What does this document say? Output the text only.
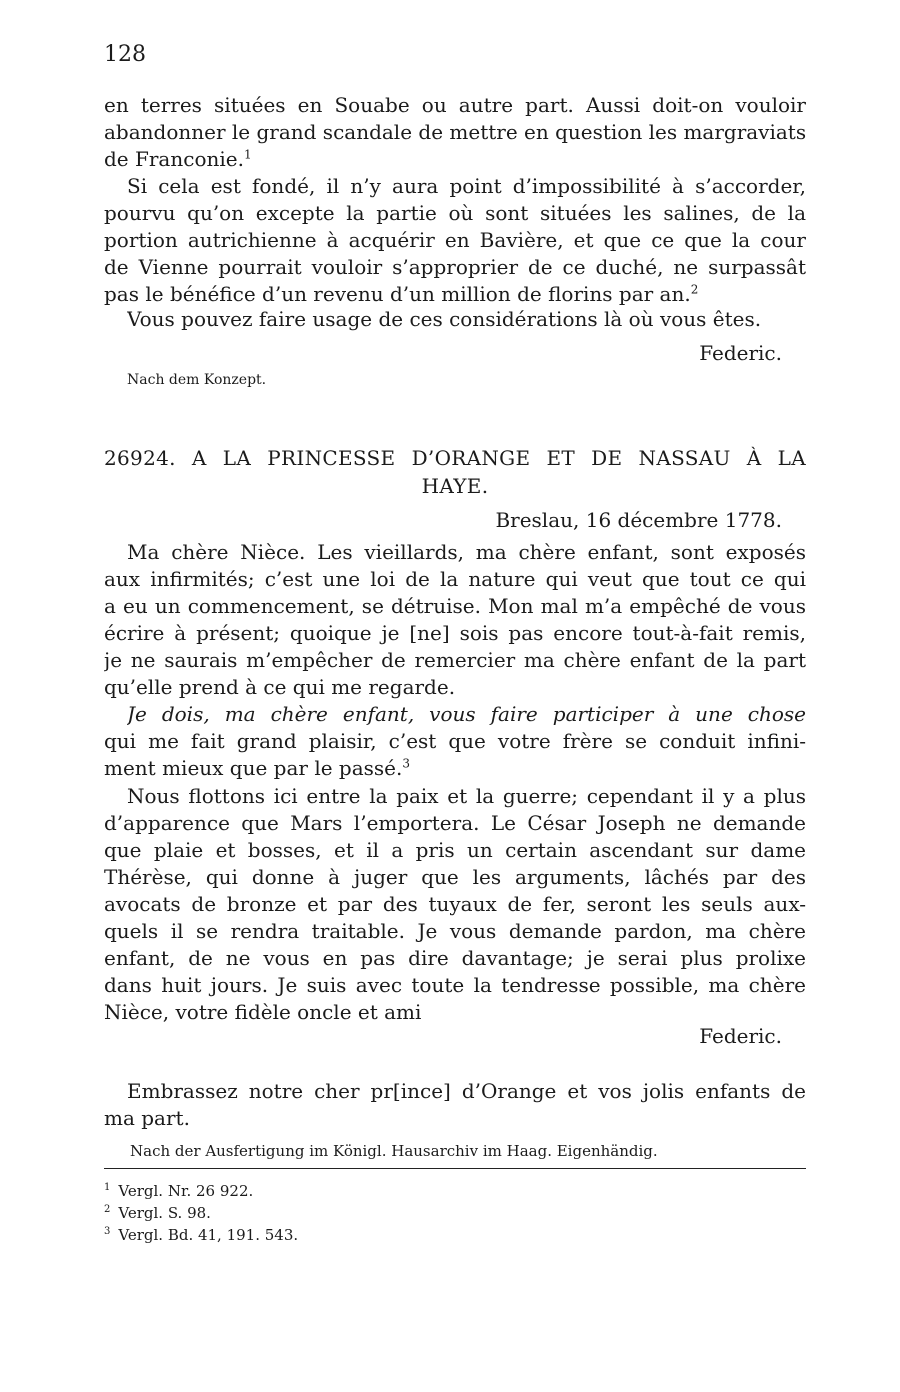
128
en terres situées en Souabe ou autre part. Aussi doit-on vouloir
abandonner le grand scandale de mettre en question les margraviats
de Franconie.$^1$
Si cela est fondé, il n’y aura point d’impossibilité à s’accorder,
pourvu qu’on excepte la partie où sont situées les salines, de la
portion autrichienne à acquérir en Bavière, et que ce que la cour
de Vienne pourrait vouloir s’approprier de ce duché, ne surpassât
pas le bénéfice d’un revenu d’un million de florins par an.$^2$
Vous pouvez faire usage de ces considérations là où vous êtes.
Federic.
Nach dem Konzept.
26924. A LA PRINCESSE D’ORANGE ET DE NASSAU À LA
HAYE.
Breslau, 16 décembre 1778.
Ma chère Nièce. Les vieillards, ma chère enfant, sont exposés
aux infirmités; c’est une loi de la nature qui veut que tout ce qui
a eu un commencement, se détruise. Mon mal m’a empêché de vous
écrire à présent; quoique je [ne] sois pas encore tout-à-fait remis,
je ne saurais m’empêcher de remercier ma chère enfant de la part
qu’elle prend à ce qui me regarde.
Je dois, ma chère enfant, vous faire participer à une chose
qui me fait grand plaisir, c’est que votre frère se conduit infini-
ment mieux que par le passé.$^3$
Nous flottons ici entre la paix et la guerre; cependant il y a plus
d’apparence que Mars l’emportera. Le César Joseph ne demande
que plaie et bosses, et il a pris un certain ascendant sur dame
Thérèse, qui donne à juger que les arguments, lâchés par des
avocats de bronze et par des tuyaux de fer, seront les seuls aux-
quels il se rendra traitable. Je vous demande pardon, ma chère
enfant, de ne vous en pas dire davantage; je serai plus prolixe
dans huit jours. Je suis avec toute la tendresse possible, ma chère
Nièce, votre fidèle oncle et ami
Federic.
Embrassez notre cher pr[ince] d’Orange et vos jolis enfants de
ma part.
Nach der Ausfertigung im Königl. Hausarchiv im Haag. Eigenhändig.
$^1$ Vergl. Nr. 26 922.
$^2$ Vergl. S. 98.
$^3$ Vergl. Bd. 41, 191. 543.
